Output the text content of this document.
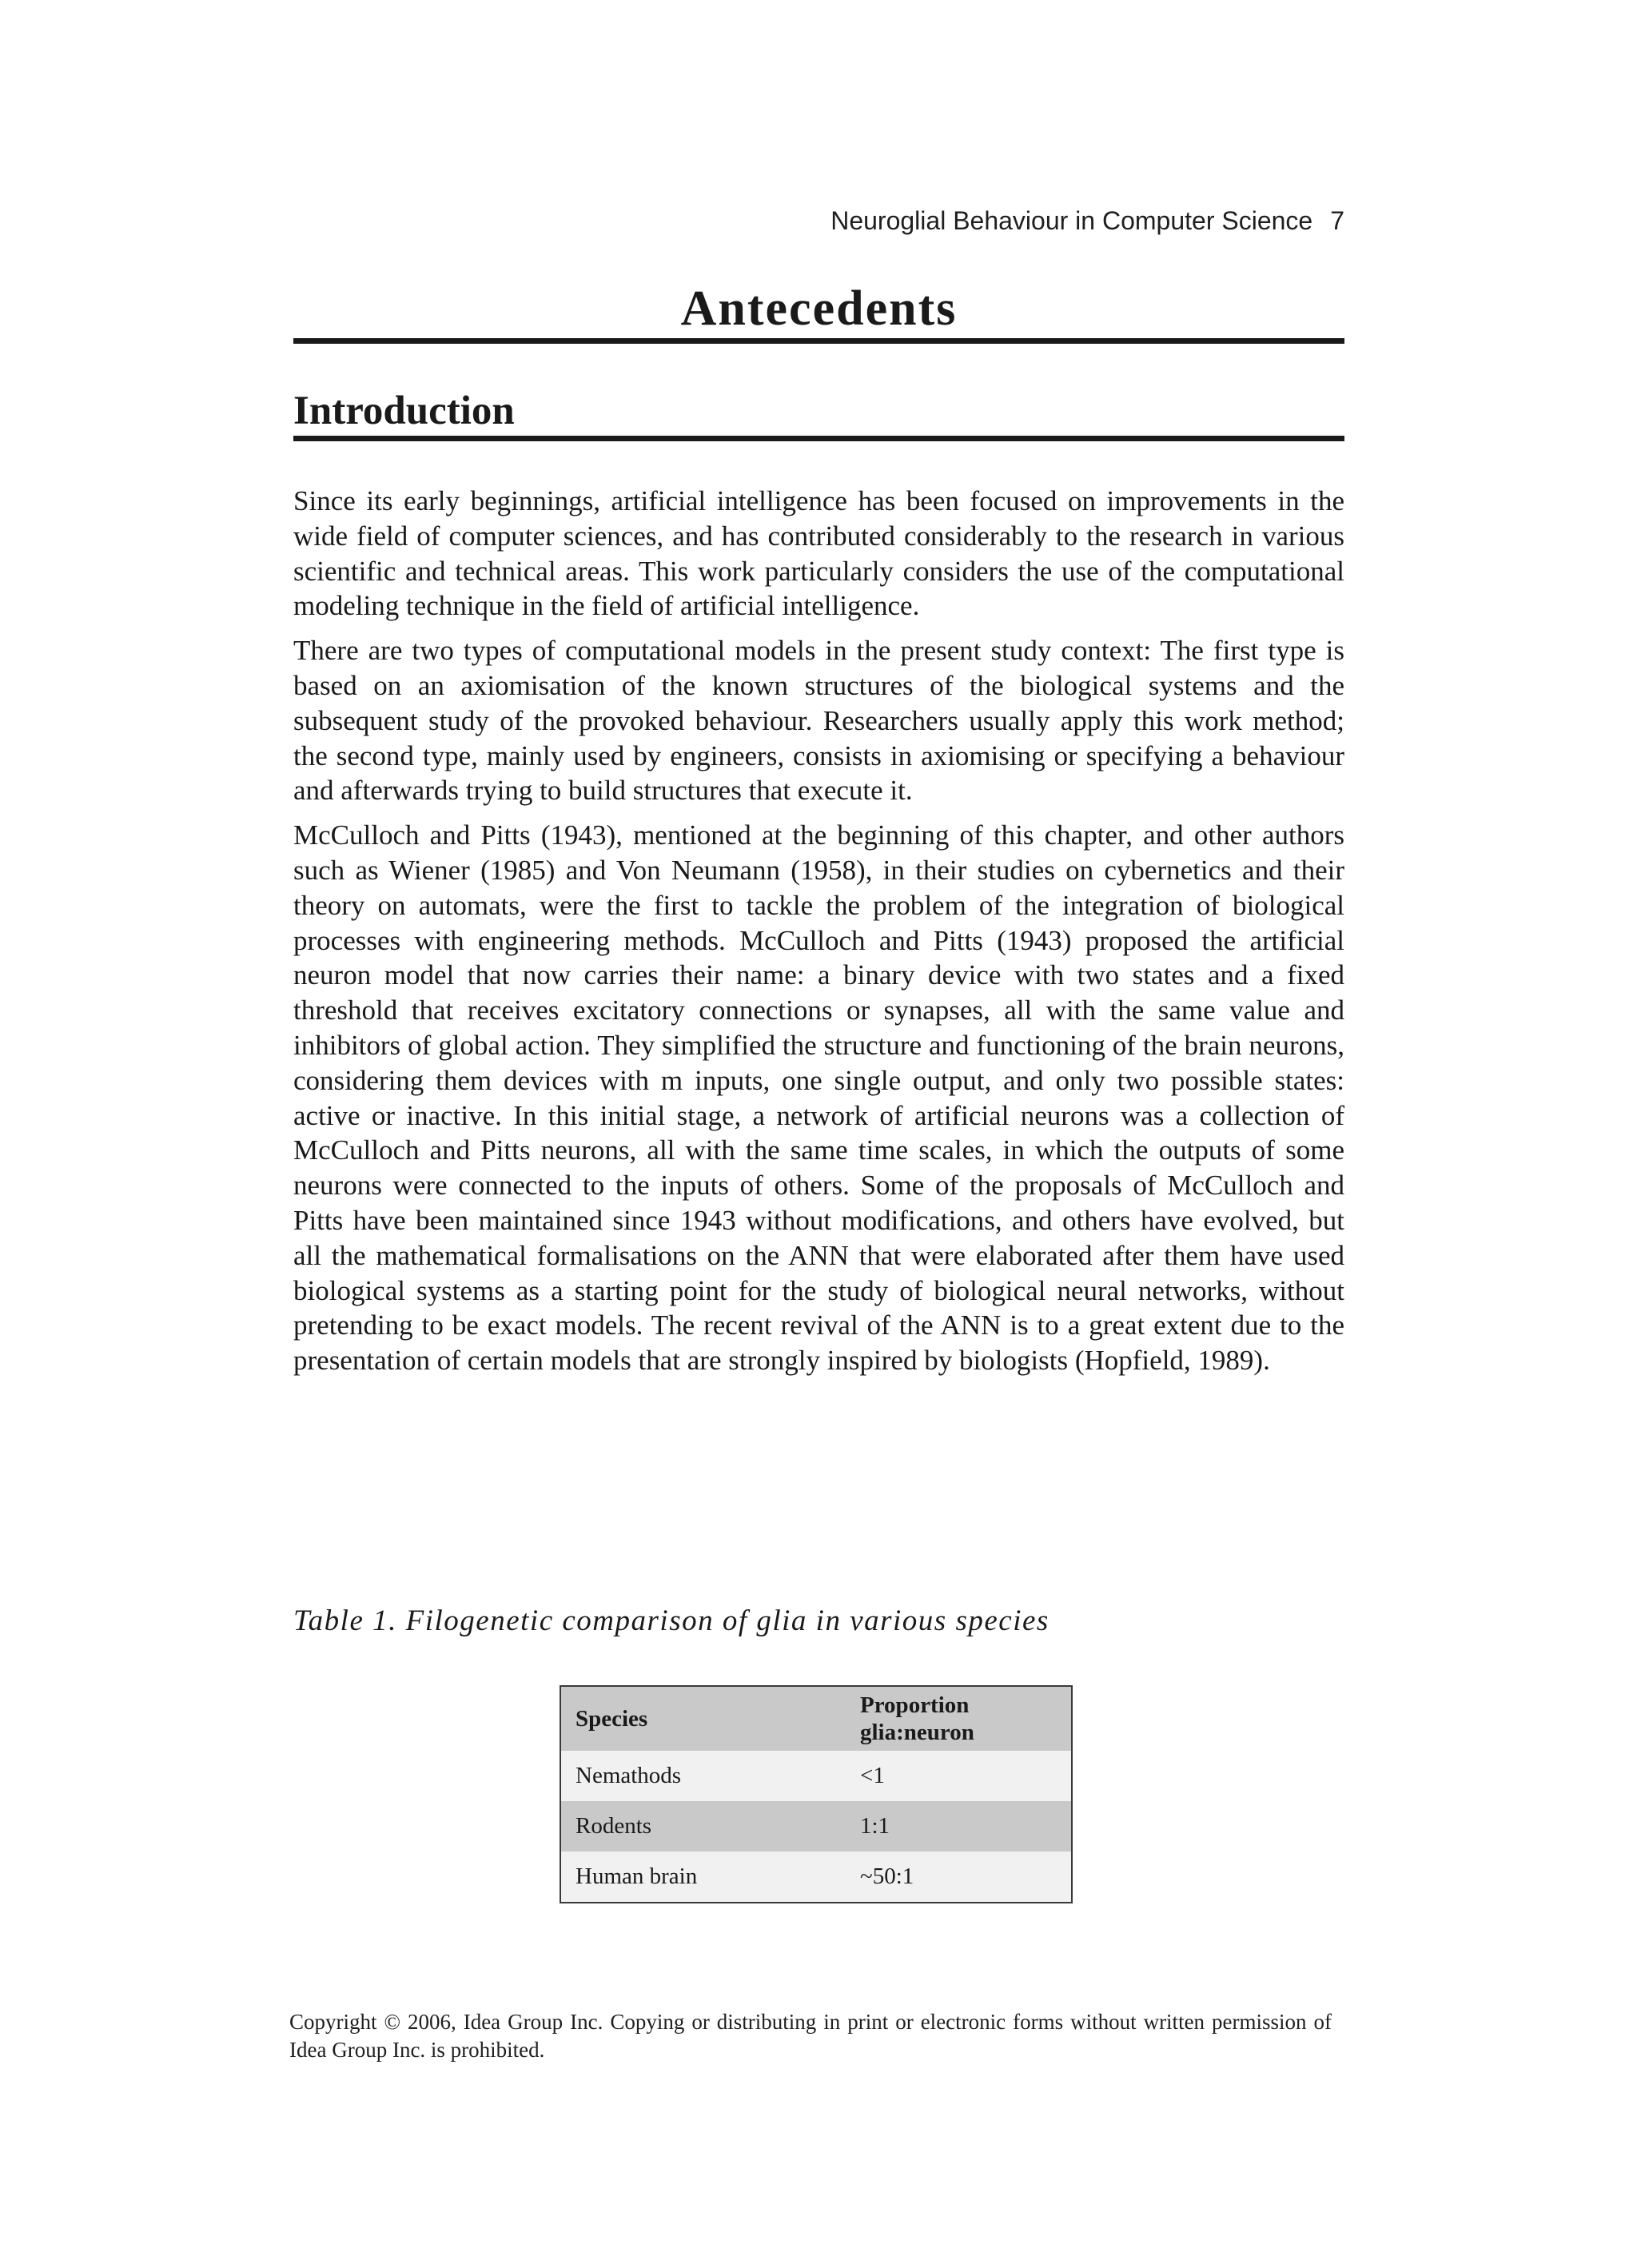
Neuroglial Behaviour in Computer Science 7
Antecedents
Introduction

Since its early beginnings, artificial intelligence has been focused on improvements in the wide field of computer sciences, and has contributed considerably to the research in various scientific and technical areas. This work particularly considers the use of the computational modeling technique in the field of artificial intelligence.

There are two types of computational models in the present study context: The first type is based on an axiomisation of the known structures of the biological systems and the subsequent study of the provoked behaviour. Researchers usually apply this work method; the second type, mainly used by engineers, consists in axiomising or specifying a behaviour and afterwards trying to build structures that execute it.

McCulloch and Pitts (1943), mentioned at the beginning of this chapter, and other authors such as Wiener (1985) and Von Neumann (1958), in their studies on cybernetics and their theory on automats, were the first to tackle the problem of the integration of biological processes with engineering methods. McCulloch and Pitts (1943) proposed the artificial neuron model that now carries their name: a binary device with two states and a fixed threshold that receives excitatory connections or synapses, all with the same value and inhibitors of global action. They simplified the structure and functioning of the brain neurons, considering them devices with m inputs, one single output, and only two possible states: active or inactive. In this initial stage, a network of artificial neurons was a collection of McCulloch and Pitts neurons, all with the same time scales, in which the outputs of some neurons were connected to the inputs of others. Some of the proposals of McCulloch and Pitts have been maintained since 1943 without modifications, and others have evolved, but all the mathematical formalisations on the ANN that were elaborated after them have used biological systems as a starting point for the study of biological neural networks, without pretending to be exact models. The recent revival of the ANN is to a great extent due to the presentation of certain models that are strongly inspired by biologists (Hopfield, 1989).

Table 1. Filogenetic comparison of glia in various species
Species	Proportion glia:neuron
Nemathods	<1
Rodents	1:1
Human brain	~50:1
Copyright © 2006, Idea Group Inc. Copying or distributing in print or electronic forms without written permission of Idea Group Inc. is prohibited.
